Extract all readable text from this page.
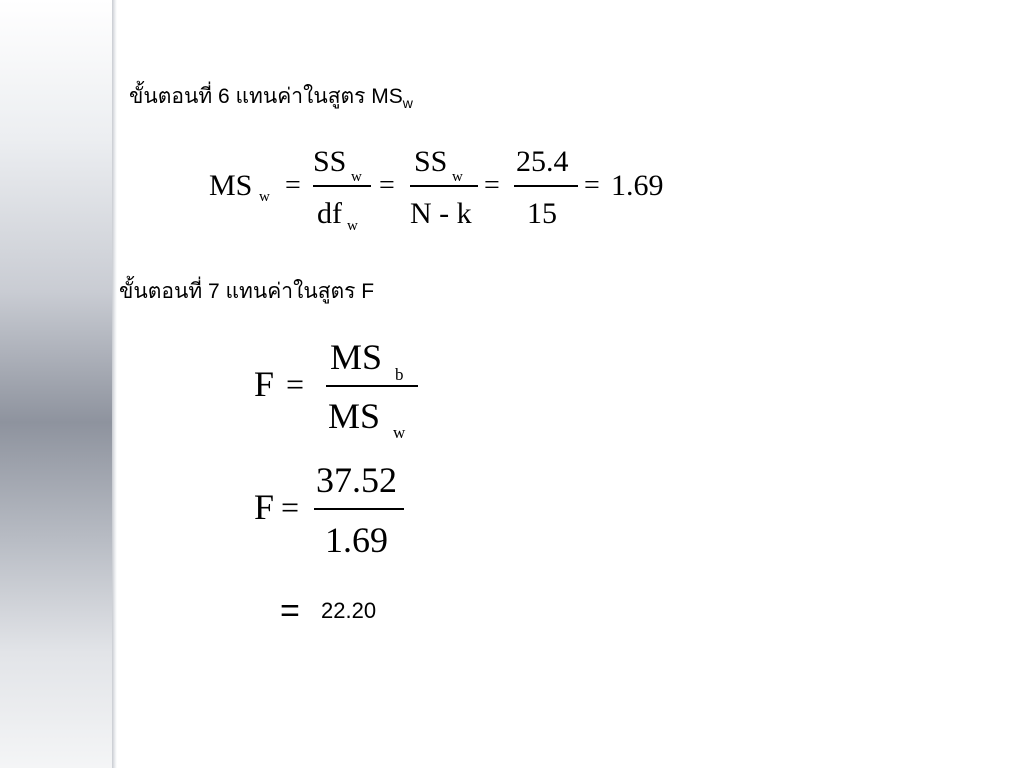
ขั้นตอนที่ 6 แทนค่าในสูตร $MS_w$
MS w =
SS w
df w
=
SS w
N - k
=
25.4
15
= 1.69
ขั้นตอนที่ 7 แทนค่าในสูตร F
F =
MS b
MS w
F =
37.52
1.69
= 22.20
